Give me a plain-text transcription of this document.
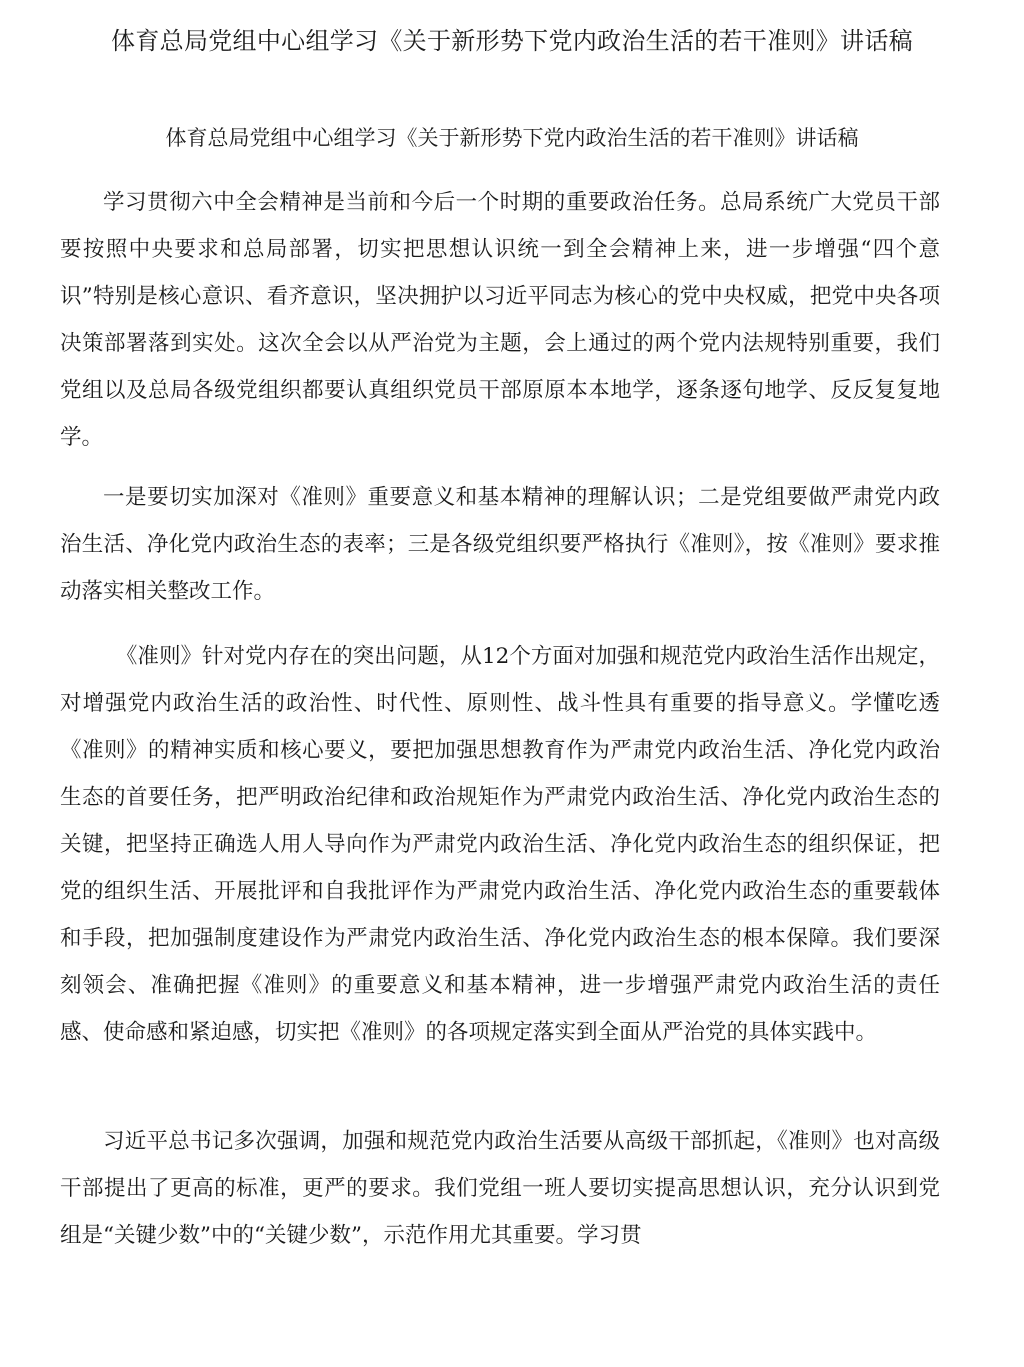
体育总局党组中心组学习《关于新形势下党内政治生活的若干准则》讲话稿
体育总局党组中心组学习《关于新形势下党内政治生活的若干准则》讲话稿

学习贯彻六中全会精神是当前和今后一个时期的重要政治任务。总局系统广大党员干部要按照中央要求和总局部署，切实把思想认识统一到全会精神上来，进一步增强“四个意识”特别是核心意识、看齐意识，坚决拥护以习近平同志为核心的党中央权威，把党中央各项决策部署落到实处。这次全会以从严治党为主题，会上通过的两个党内法规特别重要，我们党组以及总局各级党组织都要认真组织党员干部原原本本地学，逐条逐句地学、反反复复地学。

一是要切实加深对《准则》重要意义和基本精神的理解认识；二是党组要做严肃党内政治生活、净化党内政治生态的表率；三是各级党组织要严格执行《准则》，按《准则》要求推动落实相关整改工作。

《准则》针对党内存在的突出问题，从12个方面对加强和规范党内政治生活作出规定，对增强党内政治生活的政治性、时代性、原则性、战斗性具有重要的指导意义。学懂吃透《准则》的精神实质和核心要义，要把加强思想教育作为严肃党内政治生活、净化党内政治生态的首要任务，把严明政治纪律和政治规矩作为严肃党内政治生活、净化党内政治生态的关键，把坚持正确选人用人导向作为严肃党内政治生活、净化党内政治生态的组织保证，把党的组织生活、开展批评和自我批评作为严肃党内政治生活、净化党内政治生态的重要载体和手段，把加强制度建设作为严肃党内政治生活、净化党内政治生态的根本保障。我们要深刻领会、准确把握《准则》的重要意义和基本精神，进一步增强严肃党内政治生活的责任感、使命感和紧迫感，切实把《准则》的各项规定落实到全面从严治党的具体实践中。

习近平总书记多次强调，加强和规范党内政治生活要从高级干部抓起，《准则》也对高级干部提出了更高的标准，更严的要求。我们党组一班人要切实提高思想认识，充分认识到党组是“关键少数”中的“关键少数”，示范作用尤其重要。学习贯
